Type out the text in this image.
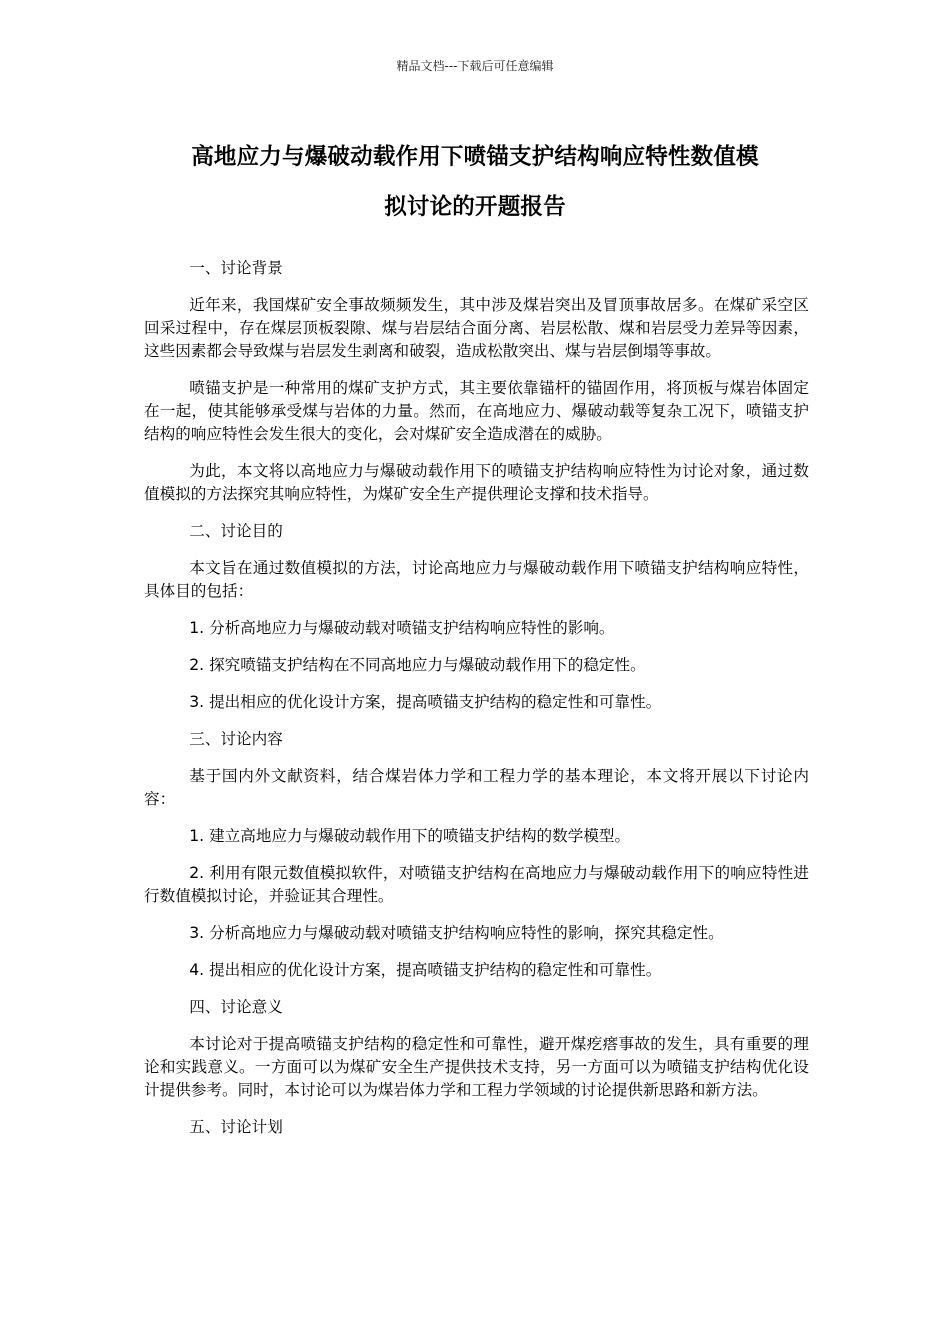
精品文档---下载后可任意编辑
高地应力与爆破动载作用下喷锚支护结构响应特性数值模
拟讨论的开题报告

一、讨论背景

近年来，我国煤矿安全事故频频发生，其中涉及煤岩突出及冒顶事故居多。在煤矿采空区回采过程中，存在煤层顶板裂隙、煤与岩层结合面分离、岩层松散、煤和岩层受力差异等因素，这些因素都会导致煤与岩层发生剥离和破裂，造成松散突出、煤与岩层倒塌等事故。

喷锚支护是一种常用的煤矿支护方式，其主要依靠锚杆的锚固作用，将顶板与煤岩体固定在一起，使其能够承受煤与岩体的力量。然而，在高地应力、爆破动载等复杂工况下，喷锚支护结构的响应特性会发生很大的变化，会对煤矿安全造成潜在的威胁。

为此，本文将以高地应力与爆破动载作用下的喷锚支护结构响应特性为讨论对象，通过数值模拟的方法探究其响应特性，为煤矿安全生产提供理论支撑和技术指导。

二、讨论目的

本文旨在通过数值模拟的方法，讨论高地应力与爆破动载作用下喷锚支护结构响应特性，具体目的包括：

1. 分析高地应力与爆破动载对喷锚支护结构响应特性的影响。

2. 探究喷锚支护结构在不同高地应力与爆破动载作用下的稳定性。

3. 提出相应的优化设计方案，提高喷锚支护结构的稳定性和可靠性。

三、讨论内容

基于国内外文献资料，结合煤岩体力学和工程力学的基本理论，本文将开展以下讨论内容：

1. 建立高地应力与爆破动载作用下的喷锚支护结构的数学模型。

2. 利用有限元数值模拟软件，对喷锚支护结构在高地应力与爆破动载作用下的响应特性进行数值模拟讨论，并验证其合理性。

3. 分析高地应力与爆破动载对喷锚支护结构响应特性的影响，探究其稳定性。

4. 提出相应的优化设计方案，提高喷锚支护结构的稳定性和可靠性。

四、讨论意义

本讨论对于提高喷锚支护结构的稳定性和可靠性，避开煤疙瘩事故的发生，具有重要的理论和实践意义。一方面可以为煤矿安全生产提供技术支持，另一方面可以为喷锚支护结构优化设计提供参考。同时，本讨论可以为煤岩体力学和工程力学领域的讨论提供新思路和新方法。

五、讨论计划
